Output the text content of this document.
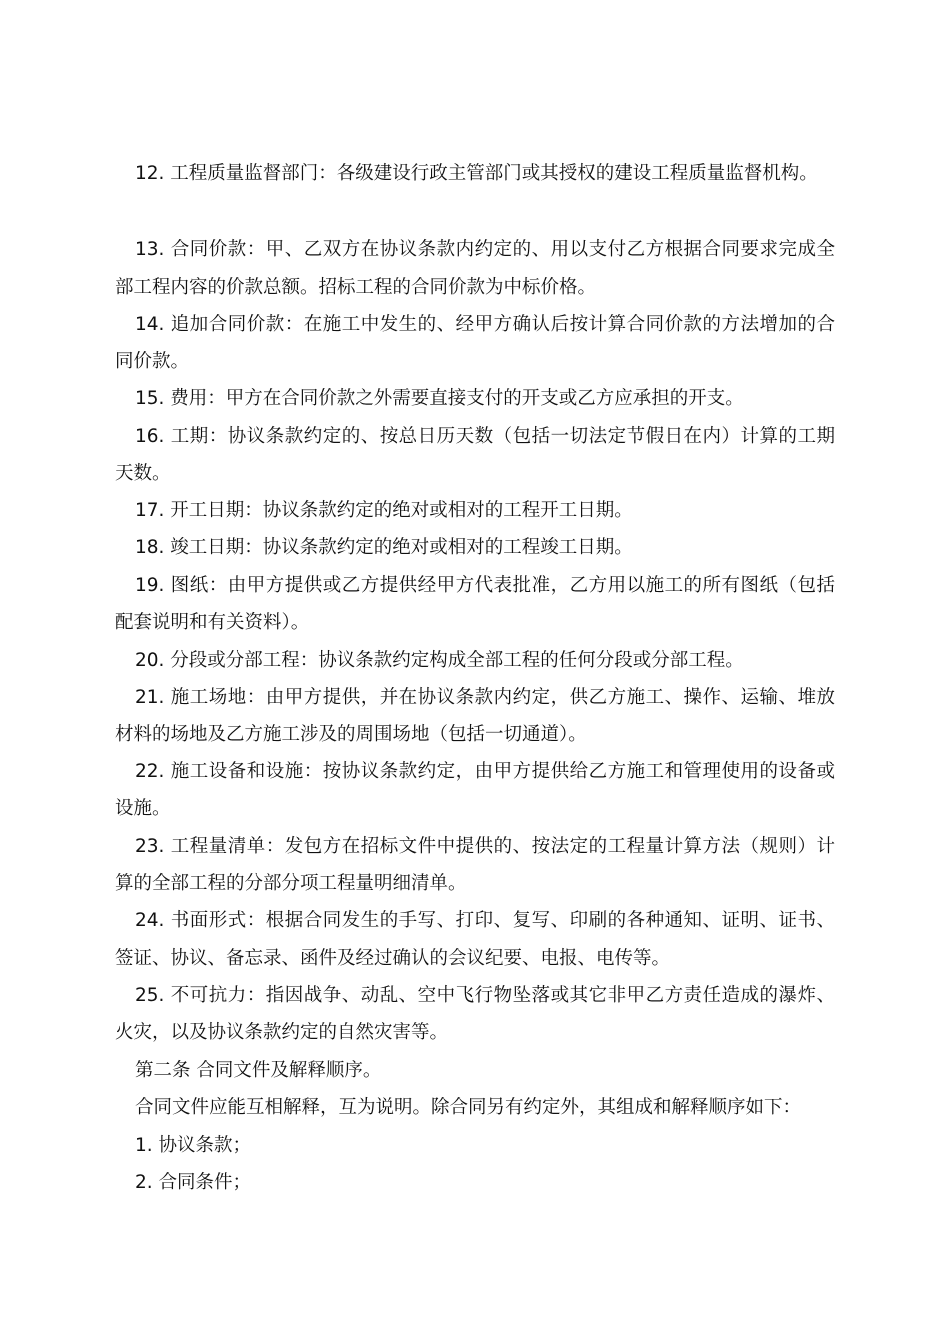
12. 工程质量监督部门：各级建设行政主管部门或其授权的建设工程质量监督机构。
13. 合同价款：甲、乙双方在协议条款内约定的、用以支付乙方根据合同要求完成全
部工程内容的价款总额。招标工程的合同价款为中标价格。
14. 追加合同价款：在施工中发生的、经甲方确认后按计算合同价款的方法增加的合
同价款。
15. 费用：甲方在合同价款之外需要直接支付的开支或乙方应承担的开支。
16. 工期：协议条款约定的、按总日历天数（包括一切法定节假日在内）计算的工期
天数。
17. 开工日期：协议条款约定的绝对或相对的工程开工日期。
18. 竣工日期：协议条款约定的绝对或相对的工程竣工日期。
19. 图纸：由甲方提供或乙方提供经甲方代表批准，乙方用以施工的所有图纸（包括
配套说明和有关资料）。
20. 分段或分部工程：协议条款约定构成全部工程的任何分段或分部工程。
21. 施工场地：由甲方提供，并在协议条款内约定，供乙方施工、操作、运输、堆放
材料的场地及乙方施工涉及的周围场地（包括一切通道）。
22. 施工设备和设施：按协议条款约定，由甲方提供给乙方施工和管理使用的设备或
设施。
23. 工程量清单：发包方在招标文件中提供的、按法定的工程量计算方法（规则）计
算的全部工程的分部分项工程量明细清单。
24. 书面形式：根据合同发生的手写、打印、复写、印刷的各种通知、证明、证书、
签证、协议、备忘录、函件及经过确认的会议纪要、电报、电传等。
25. 不可抗力：指因战争、动乱、空中飞行物坠落或其它非甲乙方责任造成的瀑炸、
火灾，以及协议条款约定的自然灾害等。
第二条 合同文件及解释顺序。
合同文件应能互相解释，互为说明。除合同另有约定外，其组成和解释顺序如下：
1. 协议条款；
2. 合同条件；
